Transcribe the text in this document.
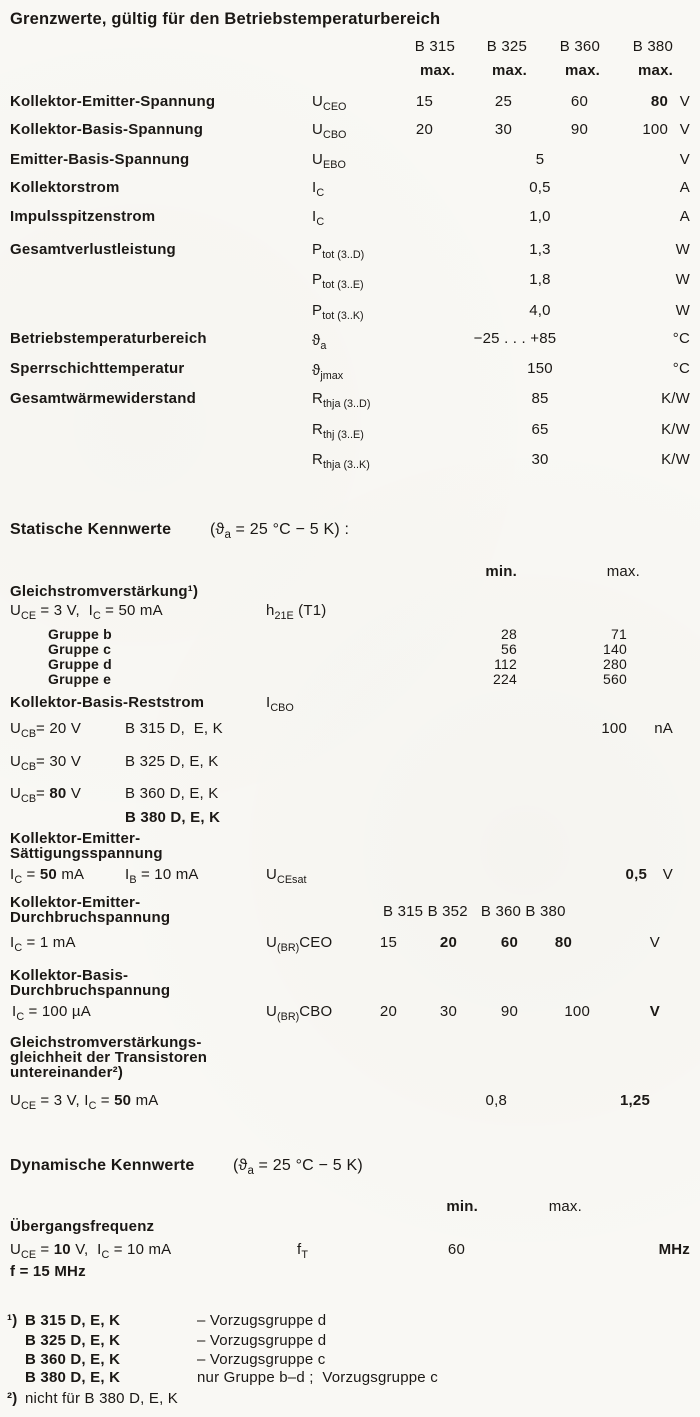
Grenzwerte, gültig für den Betriebstemperaturbereich
B 315	B 325	B 360	B 380
max.	max.	max.	max.
Kollektor-Emitter-Spannung	$U_{CEO}$	15	25	60	80 V
Kollektor-Basis-Spannung	$U_{CBO}$	20	30	90	100 V
Emitter-Basis-Spannung	$U_{EBO}$	5	V
Kollektorstrom	$I_C$	0,5	A
Impulsspitzenstrom	$I_C$	1,0	A
Gesamtverlustleistung	$P_{tot (3..D)}$	1,3	W
$P_{tot (3..E)}$	1,8	W
$P_{tot (3..K)}$	4,0	W
Betriebstemperaturbereich	$ϑ_a$	−25 . . . +85	°C
Sperrschichttemperatur	$ϑ_{jmax}$	150	°C
Gesamtwärmewiderstand	$R_{thja (3..D)}$	85	K/W
$R_{thj (3..E)}$	65	K/W
$R_{thja (3..K)}$	30	K/W
Statische Kennwerte ($ϑ_a = 25$ °C − 5 K) :
min.	max.
Gleichstromverstärkung¹)
$U_{CE} = 3$ V,  $I_C = 50$ mA	$h_{21E}$ (T1)
Gruppe b	28	71
Gruppe c	56	140
Gruppe d	112	280
Gruppe e	224	560
Kollektor-Basis-Reststrom	$I_{CBO}$
$U_{CB}= 20$ V	B 315 D,  E, K	100	nA
$U_{CB}= 30$ V	B 325 D, E, K
$U_{CB}= 80$ V	B 360 D, E, K
B 380 D, E, K
Kollektor-Emitter-
Sättigungsspannung
$I_C = 50$ mA	$I_B = 10$ mA	$U_{CEsat}$	0,5	V
Kollektor-Emitter-
Durchbruchspannung	B 315 B 352   B 360 B 380
$I_C = 1$ mA	$U_{(BR)}CEO$	15	20	60	80	V
Kollektor-Basis-
Durchbruchspannung
$I_C = 100$ µA	$U_{(BR)}CBO$	20	30	90	100	V
Gleichstromverstärkungs-
gleichheit der Transistoren
untereinander²)
$U_{CE} = 3$ V, $I_C = 50$ mA	0,8	1,25
Dynamische Kennwerte ($ϑ_a = 25$ °C − 5 K)
min.	max.
Übergangsfrequenz
$U_{CE} = 10$ V,  $I_C = 10$ mA	$f_T$	60	MHz
f = 15 MHz
¹) B 315 D, E, K	– Vorzugsgruppe d
B 325 D, E, K	– Vorzugsgruppe d
B 360 D, E, K	– Vorzugsgruppe c
B 380 D, E, K	nur Gruppe b–d ;  Vorzugsgruppe c
²) nicht für B 380 D, E, K
